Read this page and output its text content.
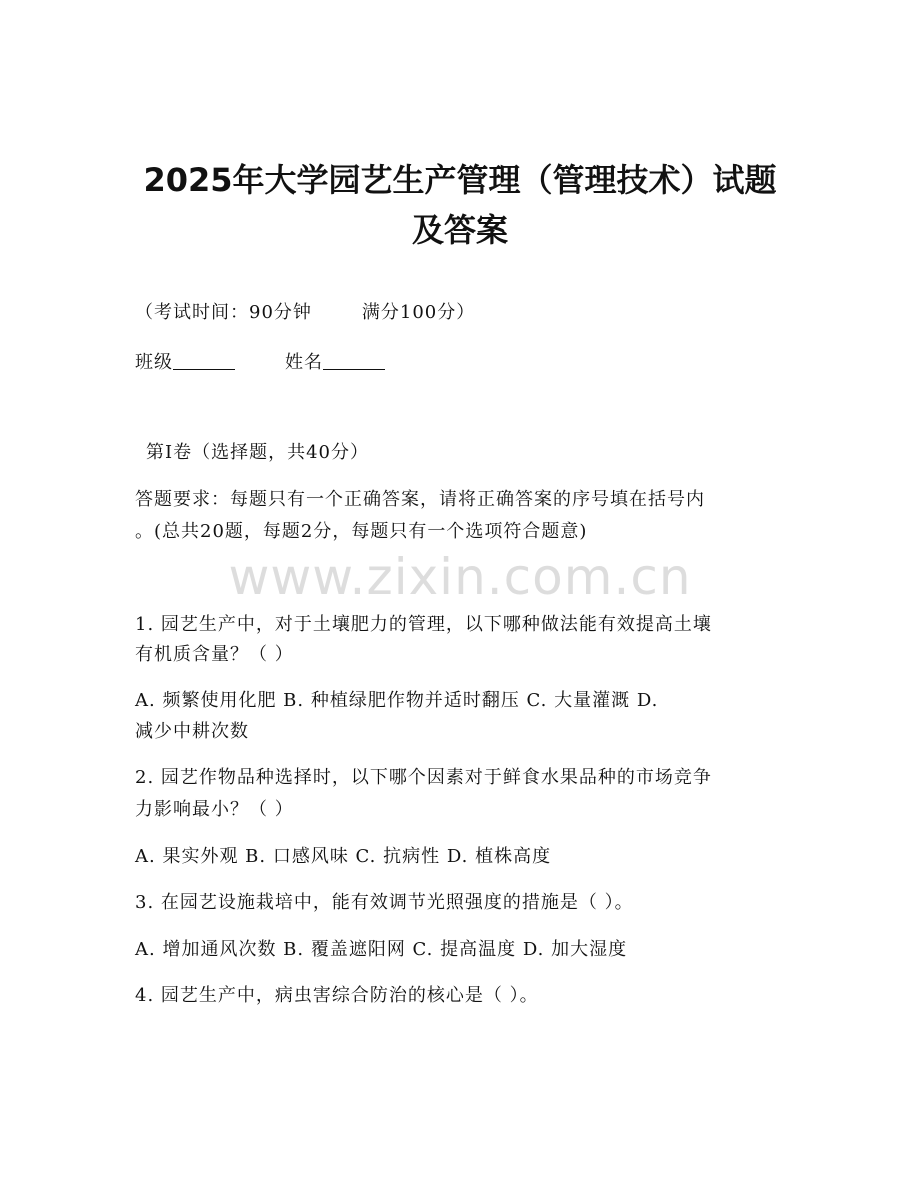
2025年大学园艺生产管理（管理技术）试题
及答案
（考试时间：90分钟	满分100分）
班级	姓名
第Ⅰ卷（选择题，共40分）
答题要求：每题只有一个正确答案，请将正确答案的序号填在括号内
。(总共20题，每题2分，每题只有一个选项符合题意)
www.zixin.com.cn
1. 园艺生产中，对于土壤肥力的管理，以下哪种做法能有效提高土壤
有机质含量？（ ）
A. 频繁使用化肥 B. 种植绿肥作物并适时翻压 C. 大量灌溉 D.
减少中耕次数
2. 园艺作物品种选择时，以下哪个因素对于鲜食水果品种的市场竞争
力影响最小？（ ）
A. 果实外观 B. 口感风味 C. 抗病性 D. 植株高度
3. 在园艺设施栽培中，能有效调节光照强度的措施是（ ）。
A. 增加通风次数 B. 覆盖遮阳网 C. 提高温度 D. 加大湿度
4. 园艺生产中，病虫害综合防治的核心是（ ）。
